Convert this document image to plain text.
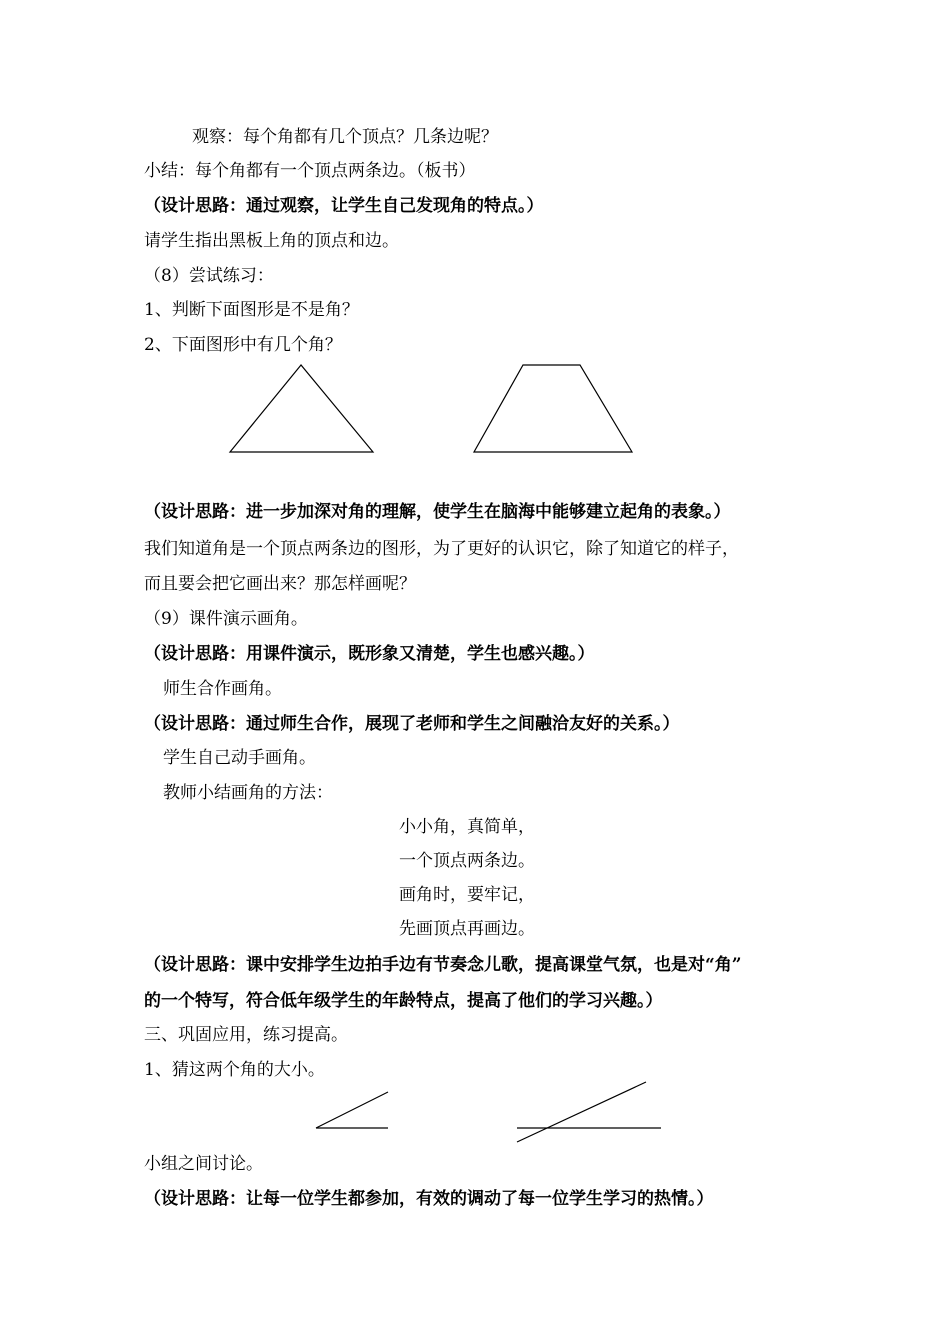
观察：每个角都有几个顶点？几条边呢？
小结：每个角都有一个顶点两条边。（板书）
（设计思路：通过观察，让学生自己发现角的特点。）
请学生指出黑板上角的顶点和边。
（8）尝试练习：
1、判断下面图形是不是角？
2、下面图形中有几个角？
（设计思路：进一步加深对角的理解，使学生在脑海中能够建立起角的表象。）
我们知道角是一个顶点两条边的图形，为了更好的认识它，除了知道它的样子，
而且要会把它画出来？那怎样画呢？
（9）课件演示画角。
（设计思路：用课件演示，既形象又清楚，学生也感兴趣。）
师生合作画角。
（设计思路：通过师生合作，展现了老师和学生之间融洽友好的关系。）
学生自己动手画角。
教师小结画角的方法：
小小角，真简单，
一个顶点两条边。
画角时，要牢记，
先画顶点再画边。
（设计思路：课中安排学生边拍手边有节奏念儿歌，提高课堂气氛，也是对“角”
的一个特写，符合低年级学生的年龄特点，提高了他们的学习兴趣。）
三、巩固应用，练习提高。
1、猜这两个角的大小。
小组之间讨论。
（设计思路：让每一位学生都参加，有效的调动了每一位学生学习的热情。）
